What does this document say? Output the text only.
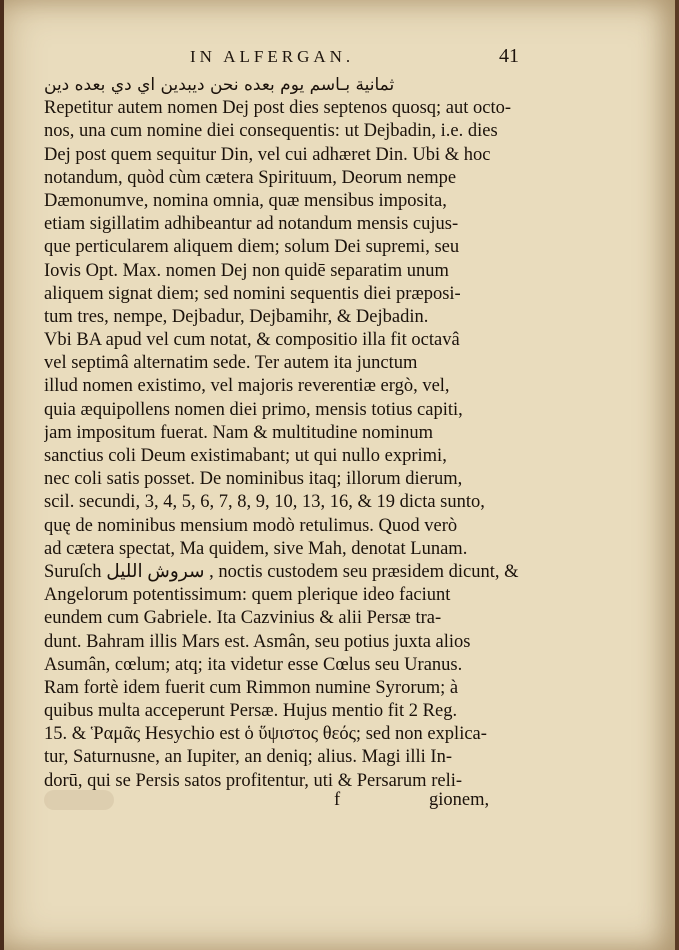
IN ALFERGAN.	41
ثمانية بـاسم يوم بعده نحن ديبدين اي دي بعده دين
Repetitur autem nomen Dej post dies septenos quosq; aut octo-
nos, una cum nomine diei consequentis: ut Dejbadin, i.e. dies
Dej post quem sequitur Din, vel cui adhæret Din. Ubi & hoc
notandum, quòd cùm cætera Spirituum, Deorum nempe
Dæmonumve, nomina omnia, quæ mensibus imposita,
etiam sigillatim adhibeantur ad notandum mensis cujus-
que perticularem aliquem diem; solum Dei supremi, seu
Iovis Opt. Max. nomen Dej non quidē separatim unum
aliquem signat diem; sed nomini sequentis diei præposi-
tum tres, nempe, Dejbadur, Dejbamihr, & Dejbadin.
Vbi BA apud vel cum notat, & compositio illa fit octavâ
vel septimâ alternatim sede. Ter autem ita junctum
illud nomen existimo, vel majoris reverentiæ ergò, vel,
quia æquipollens nomen diei primo, mensis totius capiti,
jam impositum fuerat. Nam & multitudine nominum
sanctius coli Deum existimabant; ut qui nullo exprimi,
nec coli satis posset. De nominibus itaq; illorum dierum,
scil. secundi, 3, 4, 5, 6, 7, 8, 9, 10, 13, 16, & 19 dicta sunto,
quę de nominibus mensium modò retulimus. Quod verò
ad cætera spectat, Ma quidem, sive Mah, denotat Lunam.
Suruſch سروش الليل , noctis custodem seu præsidem dicunt, &
Angelorum potentissimum: quem plerique ideo faciunt
eundem cum Gabriele. Ita Cazvinius & alii Persæ tra-
dunt. Bahram illis Mars est. Asmân, seu potius juxta alios
Asumân, cœlum; atq; ita videtur esse Cœlus seu Uranus.
Ram fortè idem fuerit cum Rimmon numine Syrorum; à
quibus multa acceperunt Persæ. Hujus mentio fit 2 Reg.
15. & Ῥαμᾶς Hesychio est ὁ ὕψιστος θεός; sed non explica-
tur, Saturnusne, an Iupiter, an deniq; alius. Magi illi In-
dorū, qui se Persis satos profitentur, uti & Persarum reli-
f	gionem,
